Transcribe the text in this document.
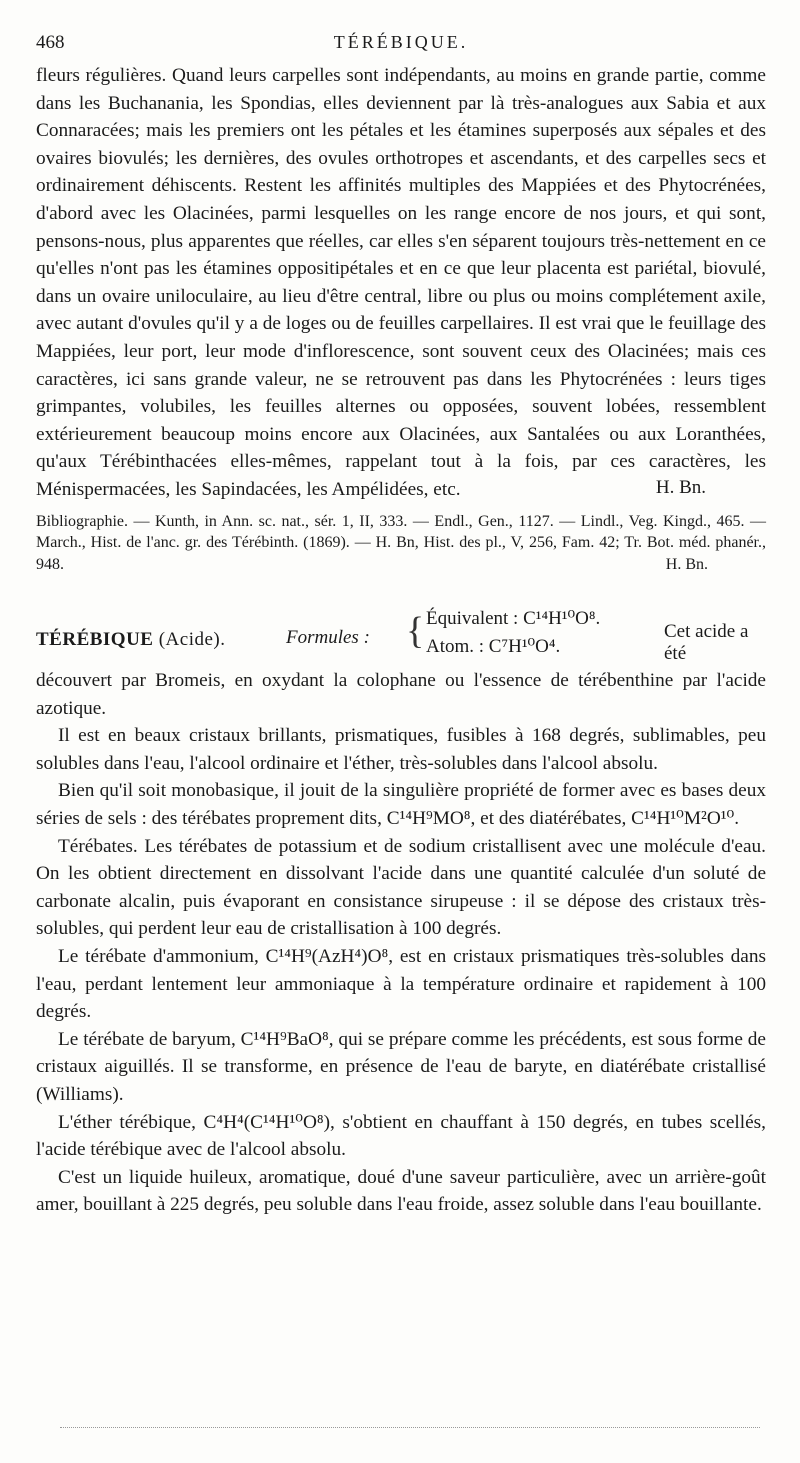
468	TÉRÉBIQUE.

fleurs régulières. Quand leurs carpelles sont indépendants, au moins en grande partie, comme dans les Buchanania, les Spondias, elles deviennent par là très-analogues aux Sabia et aux Connaracées; mais les premiers ont les pétales et les étamines superposés aux sépales et des ovaires biovulés; les dernières, des ovules orthotropes et ascendants, et des carpelles secs et ordinairement déhiscents. Restent les affinités multiples des Mappiées et des Phytocrénées, d'abord avec les Olacinées, parmi lesquelles on les range encore de nos jours, et qui sont, pensons-nous, plus apparentes que réelles, car elles s'en séparent toujours très-nettement en ce qu'elles n'ont pas les étamines oppositipétales et en ce que leur placenta est pariétal, biovulé, dans un ovaire uniloculaire, au lieu d'être central, libre ou plus ou moins complétement axile, avec autant d'ovules qu'il y a de loges ou de feuilles carpellaires. Il est vrai que le feuillage des Mappiées, leur port, leur mode d'inflorescence, sont souvent ceux des Olacinées; mais ces caractères, ici sans grande valeur, ne se retrouvent pas dans les Phytocrénées : leurs tiges grimpantes, volubiles, les feuilles alternes ou opposées, souvent lobées, ressemblent extérieurement beaucoup moins encore aux Olacinées, aux Santalées ou aux Loranthées, qu'aux Térébinthacées elles-mêmes, rappelant tout à la fois, par ces caractères, les Ménispermacées, les Sapindacées, les Ampélidées, etc.	H. Bn.
Bibliographie. — Kunth, in Ann. sc. nat., sér. 1, II, 333. — Endl., Gen., 1127. — Lindl., Veg. Kingd., 465. — March., Hist. de l'anc. gr. des Térébinth. (1869). — H. Bn, Hist. des pl., V, 256, Fam. 42; Tr. Bot. méd. phanér., 948.	H. Bn.
TÉRÉBIQUE (Acide).	Formules : { Équivalent : C¹⁴H¹⁰O⁸.
Atom. : C⁷H¹⁰O⁴.
Cet acide a été

découvert par Bromeis, en oxydant la colophane ou l'essence de térébenthine par l'acide azotique.

Il est en beaux cristaux brillants, prismatiques, fusibles à 168 degrés, sublimables, peu solubles dans l'eau, l'alcool ordinaire et l'éther, très-solubles dans l'alcool absolu.

Bien qu'il soit monobasique, il jouit de la singulière propriété de former avec es bases deux séries de sels : des térébates proprement dits, C¹⁴H⁹MO⁸, et des diatérébates, C¹⁴H¹⁰M²O¹⁰.

Térébates. Les térébates de potassium et de sodium cristallisent avec une molécule d'eau. On les obtient directement en dissolvant l'acide dans une quantité calculée d'un soluté de carbonate alcalin, puis évaporant en consistance sirupeuse : il se dépose des cristaux très-solubles, qui perdent leur eau de cristallisation à 100 degrés.

Le térébate d'ammonium, C¹⁴H⁹(AzH⁴)O⁸, est en cristaux prismatiques très-solubles dans l'eau, perdant lentement leur ammoniaque à la température ordinaire et rapidement à 100 degrés.

Le térébate de baryum, C¹⁴H⁹BaO⁸, qui se prépare comme les précédents, est sous forme de cristaux aiguillés. Il se transforme, en présence de l'eau de baryte, en diatérébate cristallisé (Williams).

L'éther térébique, C⁴H⁴(C¹⁴H¹⁰O⁸), s'obtient en chauffant à 150 degrés, en tubes scellés, l'acide térébique avec de l'alcool absolu.

C'est un liquide huileux, aromatique, doué d'une saveur particulière, avec un arrière-goût amer, bouillant à 225 degrés, peu soluble dans l'eau froide, assez soluble dans l'eau bouillante.
